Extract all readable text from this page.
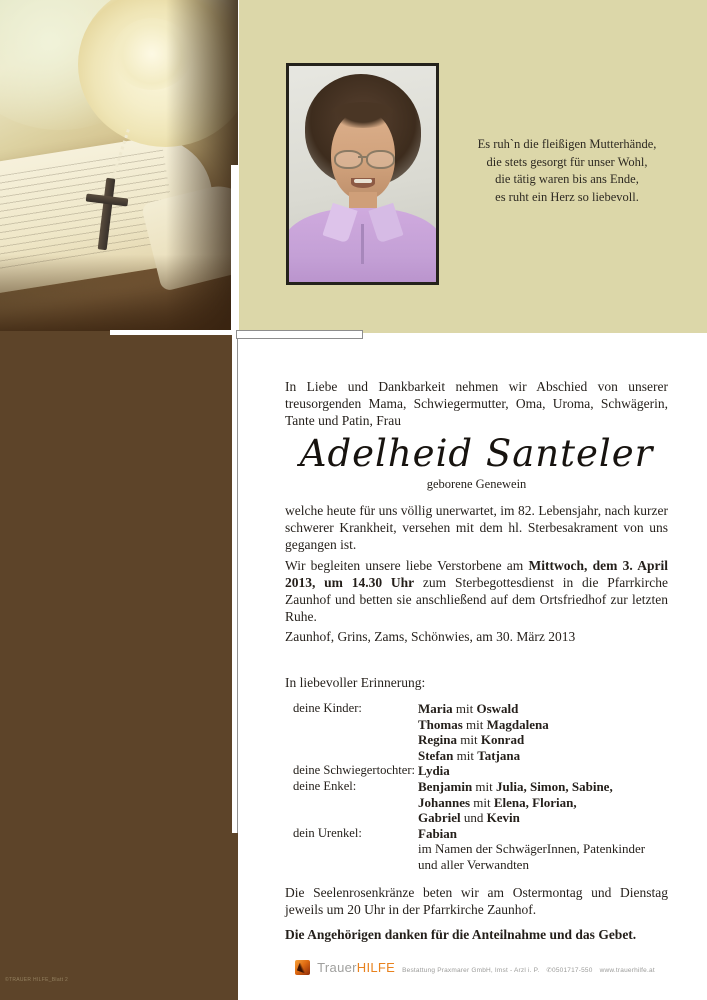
©TRAUER HILFE_Blatt 2
Es ruh`n die fleißigen Mutterhände,
die stets gesorgt für unser Wohl,
die tätig waren bis ans Ende,
es ruht ein Herz so liebevoll.
In Liebe und Dankbarkeit nehmen wir Abschied von unserer treusorgenden Mama, Schwiegermutter, Oma, Uroma, Schwägerin, Tante und Patin, Frau
Adelheid Santeler
geborene Genewein
welche heute für uns völlig unerwartet, im 82. Lebensjahr, nach kurzer schwerer Krankheit, versehen mit dem hl. Sterbesakrament von uns gegangen ist.
Wir begleiten unsere liebe Verstorbene am Mittwoch, dem 3. April 2013, um 14.30 Uhr zum Sterbegottesdienst in die Pfarrkirche Zaunhof und betten sie anschließend auf dem Ortsfriedhof zur letzten Ruhe.
Zaunhof, Grins, Zams, Schönwies, am 30. März 2013
In liebevoller Erinnerung:
deine Kinder:	Maria mit Oswald
Thomas mit Magdalena
Regina mit Konrad
Stefan mit Tatjana
deine Schwiegertochter: Lydia
deine Enkel:	Benjamin mit Julia, Simon, Sabine,
Johannes mit Elena, Florian,
Gabriel und Kevin
dein Urenkel:	Fabian
im Namen der SchwägerInnen, Patenkinder
und aller Verwandten
Die Seelenrosenkränze beten wir am Ostermontag und Dienstag jeweils um 20 Uhr in der Pfarrkirche Zaunhof.
Die Angehörigen danken für die Anteilnahme und das Gebet.
TrauerHILFE Bestattung Praxmarer GmbH, Imst - Arzl i. P. ✆0501717-550 www.trauerhilfe.at
